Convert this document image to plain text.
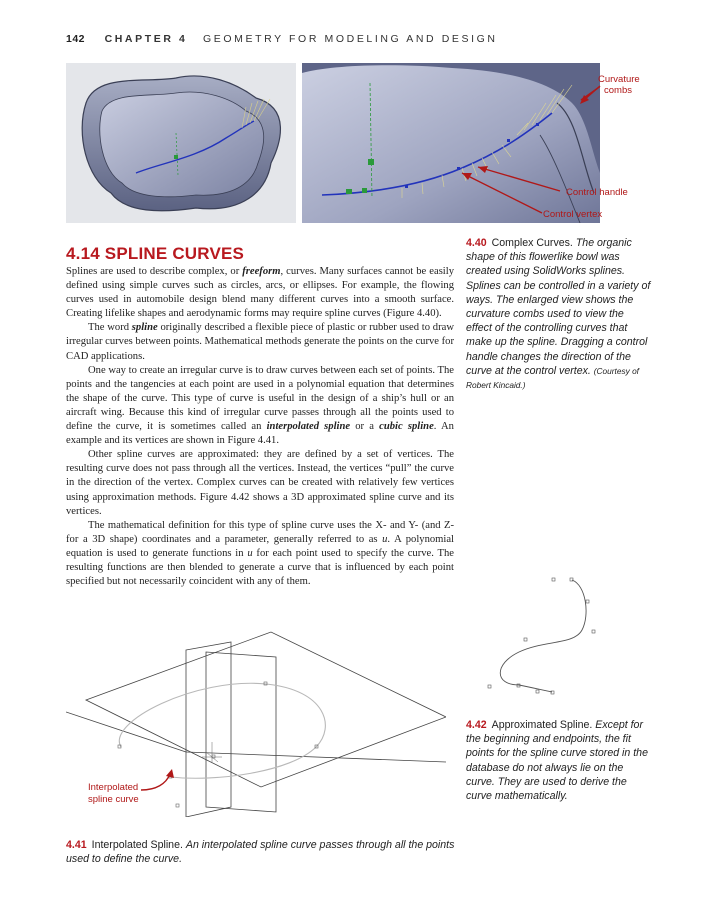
142 CHAPTER 4 GEOMETRY FOR MODELING AND DESIGN
Curvature
combs
Control handle
Control vertex
4.40 Complex Curves. The organic shape of this flowerlike bowl was created using SolidWorks splines. Splines can be controlled in a variety of ways. The enlarged view shows the curvature combs used to view the effect of the controlling curves that make up the spline. Dragging a control handle changes the direction of the curve at the control vertex. (Courtesy of Robert Kincaid.)
4.14 SPLINE CURVES

Splines are used to describe complex, or freeform, curves. Many surfaces cannot be easily defined using simple curves such as circles, arcs, or ellipses. For example, the flowing curves used in automobile design blend many different curves into a smooth surface. Creating lifelike shapes and aerodynamic forms may require spline curves (Figure 4.40).

The word spline originally described a flexible piece of plastic or rubber used to draw irregular curves between points. Mathematical methods generate the points on the curve for CAD applications.

One way to create an irregular curve is to draw curves between each set of points. The points and the tangencies at each point are used in a polynomial equation that determines the shape of the curve. This type of curve is useful in the design of a ship’s hull or an aircraft wing. Because this kind of irregular curve passes through all the points used to define the curve, it is sometimes called an interpolated spline or a cubic spline. An example and its vertices are shown in Figure 4.41.

Other spline curves are approximated: they are defined by a set of vertices. The resulting curve does not pass through all the vertices. Instead, the vertices “pull” the curve in the direction of the vertex. Complex curves can be created with relatively few vertices using approximation methods. Figure 4.42 shows a 3D approximated spline curve and its vertices.

The mathematical definition for this type of spline curve uses the X- and Y- (and Z- for a 3D shape) coordinates and a parameter, generally referred to as u. A polynomial equation is used to generate functions in u for each point used to specify the curve. The resulting functions are then blended to generate a curve that is influenced by each point specified but not necessarily coincident with any of them.

Interpolated
spline curve
4.41 Interpolated Spline. An interpolated spline curve passes through all the points used to define the curve.
4.42 Approximated Spline. Except for the beginning and endpoints, the fit points for the spline curve stored in the database do not always lie on the curve. They are used to derive the curve mathematically.
